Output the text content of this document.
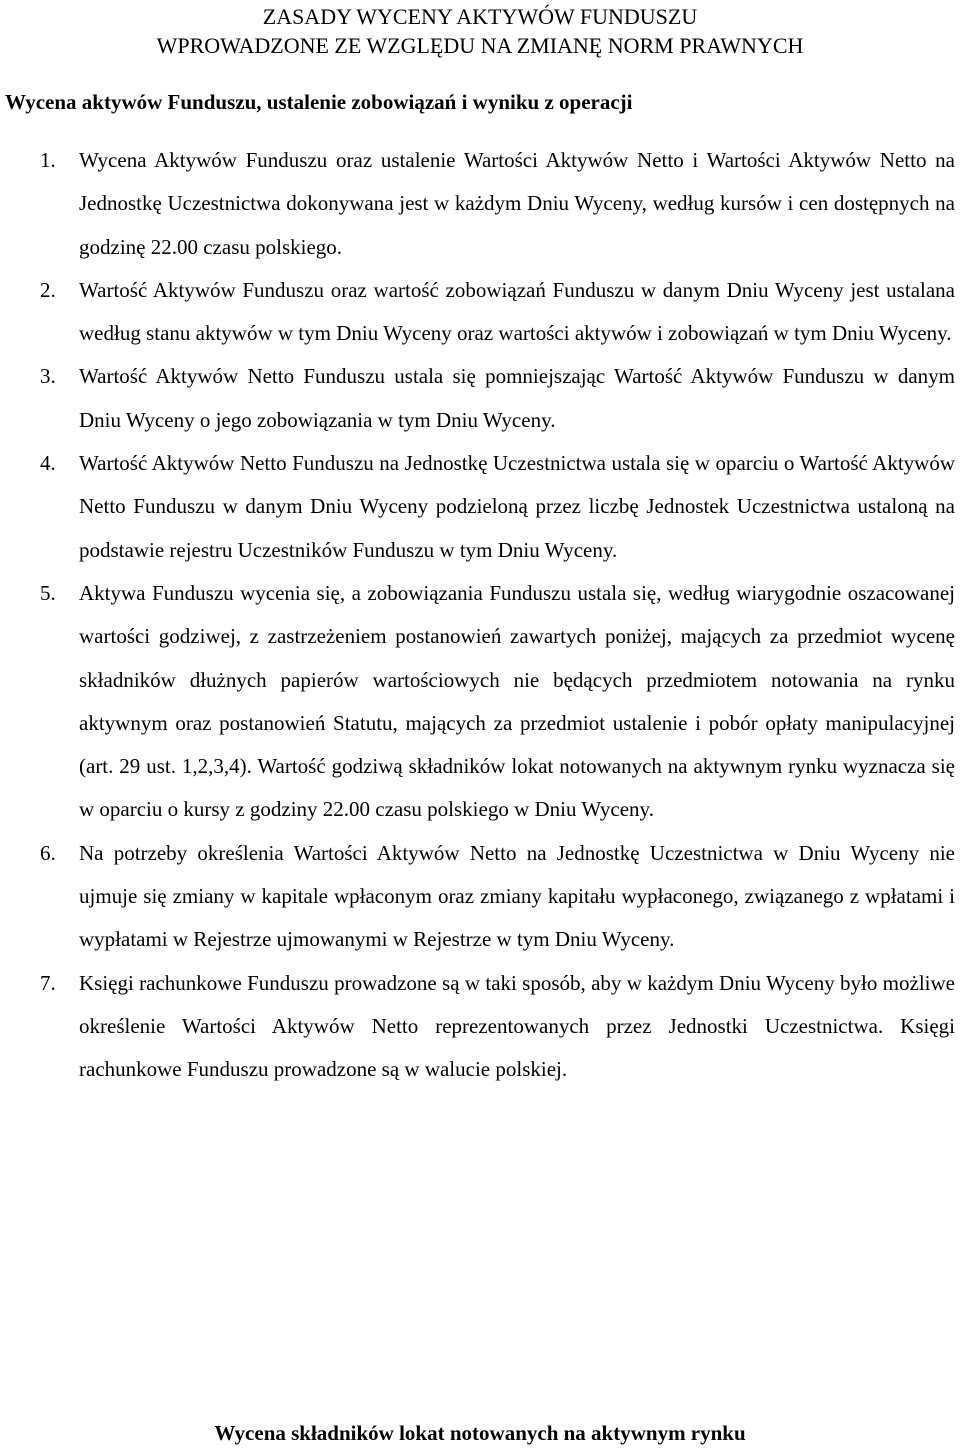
ZASADY WYCENY AKTYWÓW FUNDUSZU
WPROWADZONE ZE WZGLĘDU NA ZMIANĘ NORM PRAWNYCH
Wycena aktywów Funduszu, ustalenie zobowiązań i wyniku z operacji
1. Wycena Aktywów Funduszu oraz ustalenie Wartości Aktywów Netto i Wartości Aktywów Netto na Jednostkę Uczestnictwa dokonywana jest w każdym Dniu Wyceny, według kursów i cen dostępnych na godzinę 22.00 czasu polskiego.
2. Wartość Aktywów Funduszu oraz wartość zobowiązań Funduszu w danym Dniu Wyceny jest ustalana według stanu aktywów w tym Dniu Wyceny oraz wartości aktywów i zobowiązań w tym Dniu Wyceny.
3. Wartość Aktywów Netto Funduszu ustala się pomniejszając Wartość Aktywów Funduszu w danym Dniu Wyceny o jego zobowiązania w tym Dniu Wyceny.
4. Wartość Aktywów Netto Funduszu na Jednostkę Uczestnictwa ustala się w oparciu o Wartość Aktywów Netto Funduszu w danym Dniu Wyceny podzieloną przez liczbę Jednostek Uczestnictwa ustaloną na podstawie rejestru Uczestników Funduszu w tym Dniu Wyceny.
5. Aktywa Funduszu wycenia się, a zobowiązania Funduszu ustala się, według wiarygodnie oszacowanej wartości godziwej, z zastrzeżeniem postanowień zawartych poniżej, mających za przedmiot wycenę składników dłużnych papierów wartościowych nie będących przedmiotem notowania na rynku aktywnym oraz postanowień Statutu, mających za przedmiot ustalenie i pobór opłaty manipulacyjnej (art. 29 ust. 1,2,3,4). Wartość godziwą składników lokat notowanych na aktywnym rynku wyznacza się w oparciu o kursy z godziny 22.00 czasu polskiego w Dniu Wyceny.
6. Na potrzeby określenia Wartości Aktywów Netto na Jednostkę Uczestnictwa w Dniu Wyceny nie ujmuje się zmiany w kapitale wpłaconym oraz zmiany kapitału wypłaconego, związanego z wpłatami i wypłatami w Rejestrze ujmowanymi w Rejestrze w tym Dniu Wyceny.
7. Księgi rachunkowe Funduszu prowadzone są w taki sposób, aby w każdym Dniu Wyceny było możliwe określenie Wartości Aktywów Netto reprezentowanych przez Jednostki Uczestnictwa. Księgi rachunkowe Funduszu prowadzone są w walucie polskiej.
Wycena składników lokat notowanych na aktywnym rynku
